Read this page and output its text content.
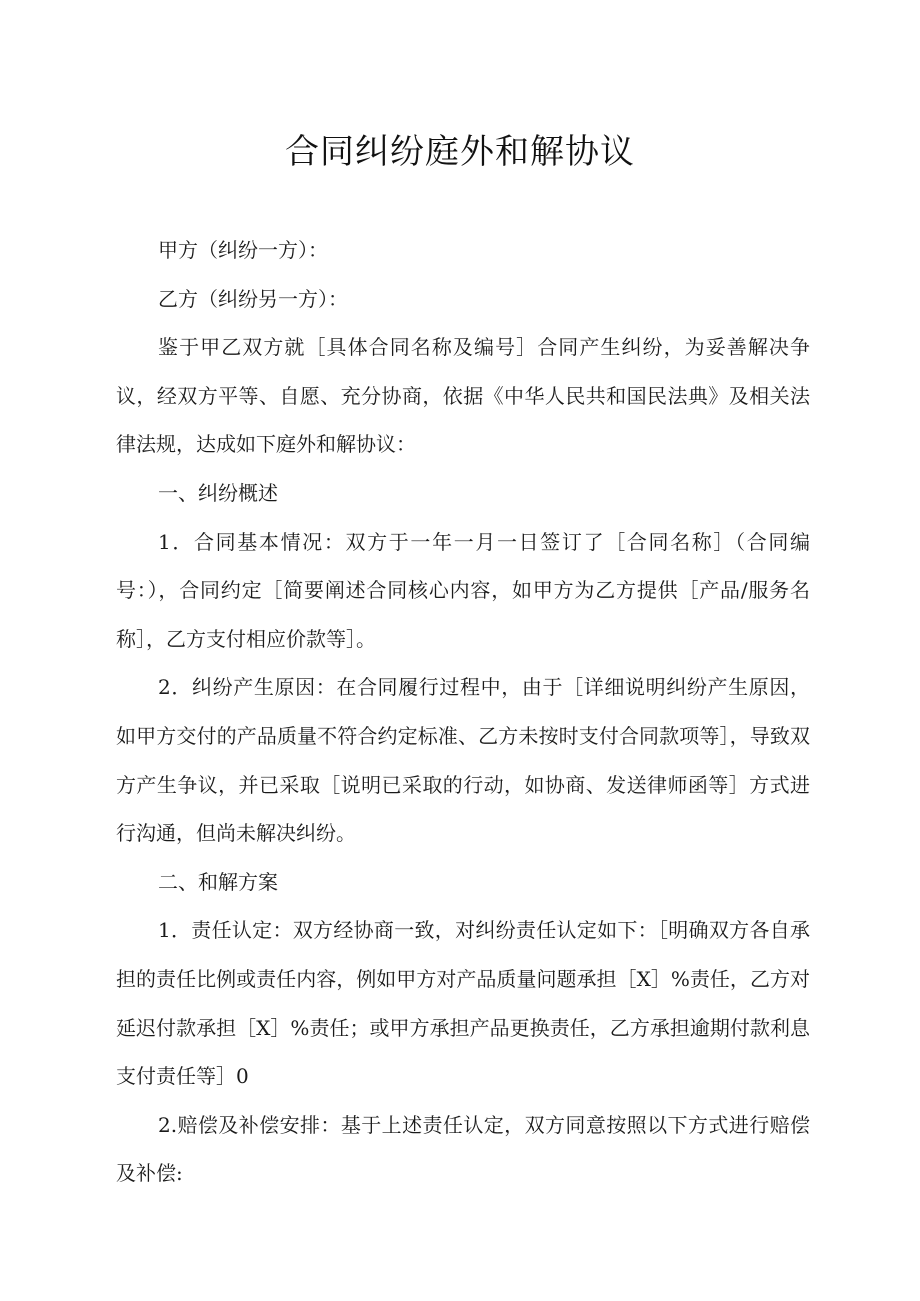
合同纠纷庭外和解协议

甲方（纠纷一方）：

乙方（纠纷另一方）：

鉴于甲乙双方就［具体合同名称及编号］合同产生纠纷，为妥善解决争议，经双方平等、自愿、充分协商，依据《中华人民共和国民法典》及相关法律法规，达成如下庭外和解协议：

一、纠纷概述

1．合同基本情况：双方于一年一月一日签订了［合同名称］（合同编号：），合同约定［简要阐述合同核心内容，如甲方为乙方提供［产品/服务名称］，乙方支付相应价款等］。

2．纠纷产生原因：在合同履行过程中，由于［详细说明纠纷产生原因，如甲方交付的产品质量不符合约定标准、乙方未按时支付合同款项等］，导致双方产生争议，并已采取［说明已采取的行动，如协商、发送律师函等］方式进行沟通，但尚未解决纠纷。

二、和解方案

1．责任认定：双方经协商一致，对纠纷责任认定如下：［明确双方各自承担的责任比例或责任内容，例如甲方对产品质量问题承担［X］%责任，乙方对延迟付款承担［X］%责任；或甲方承担产品更换责任，乙方承担逾期付款利息支付责任等］0

2.赔偿及补偿安排：基于上述责任认定，双方同意按照以下方式进行赔偿及补偿:
